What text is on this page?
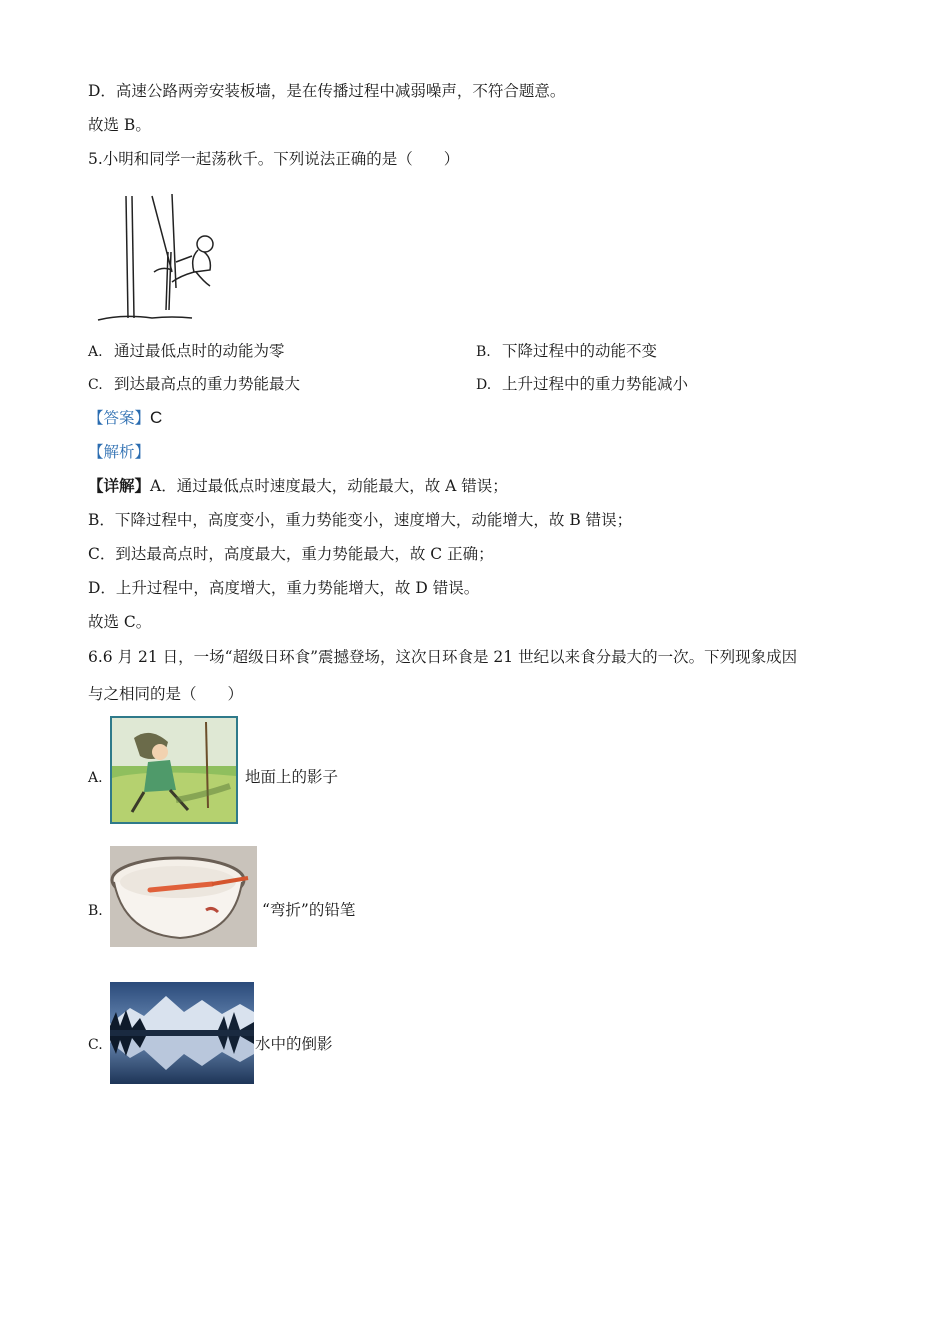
D．高速公路两旁安装板墙，是在传播过程中减弱噪声，不符合题意。
故选 B。
5.小明和同学一起荡秋千。下列说法正确的是（　　）
A. 通过最低点时的动能为零	B. 下降过程中的动能不变
C. 到达最高点的重力势能最大	D. 上升过程中的重力势能减小
【答案】C
【解析】
【详解】A．通过最低点时速度最大，动能最大，故 A 错误；
B．下降过程中，高度变小，重力势能变小，速度增大，动能增大，故 B 错误；
C．到达最高点时，高度最大，重力势能最大，故 C 正确；
D．上升过程中，高度增大，重力势能增大，故 D 错误。
故选 C。
6.6 月 21 日，一场“超级日环食”震撼登场，这次日环食是 21 世纪以来食分最大的一次。下列现象成因
与之相同的是（　　）
A.	地面上的影子
B.	“弯折”的铅笔
C.	水中的倒影
